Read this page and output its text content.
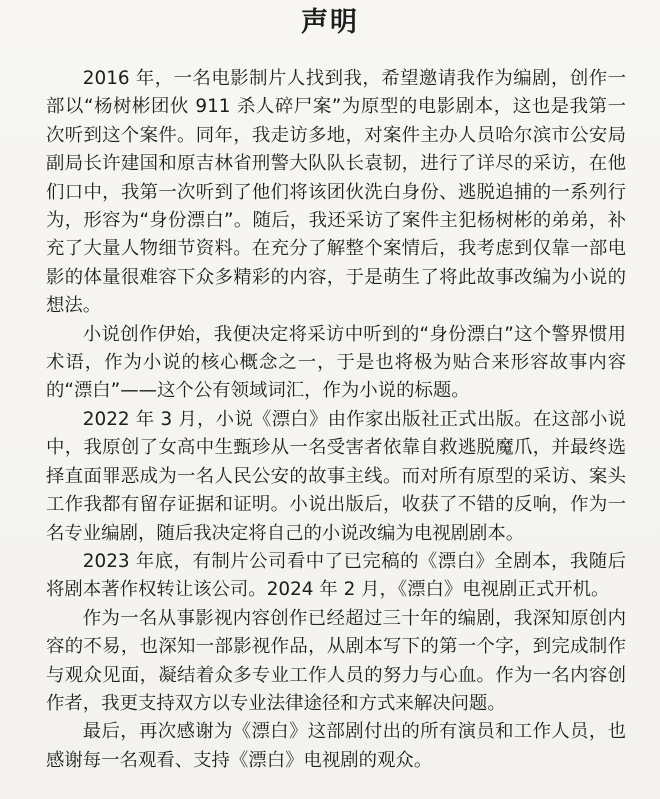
声明

2016 年，一名电影制片人找到我，希望邀请我作为编剧，创作一部以“杨树彬团伙 911 杀人碎尸案”为原型的电影剧本，这也是我第一次听到这个案件。同年，我走访多地，对案件主办人员哈尔滨市公安局副局长许建国和原吉林省刑警大队队长袁韧，进行了详尽的采访，在他们口中，我第一次听到了他们将该团伙洗白身份、逃脱追捕的一系列行为，形容为“身份漂白”。随后，我还采访了案件主犯杨树彬的弟弟，补充了大量人物细节资料。在充分了解整个案情后，我考虑到仅靠一部电影的体量很难容下众多精彩的内容，于是萌生了将此故事改编为小说的想法。

小说创作伊始，我便决定将采访中听到的“身份漂白”这个警界惯用术语，作为小说的核心概念之一，于是也将极为贴合来形容故事内容的“漂白”——这个公有领域词汇，作为小说的标题。

2022 年 3 月，小说《漂白》由作家出版社正式出版。在这部小说中，我原创了女高中生甄珍从一名受害者依靠自救逃脱魔爪，并最终选择直面罪恶成为一名人民公安的故事主线。而对所有原型的采访、案头工作我都有留存证据和证明。小说出版后，收获了不错的反响，作为一名专业编剧，随后我决定将自己的小说改编为电视剧剧本。

2023 年底，有制片公司看中了已完稿的《漂白》全剧本，我随后将剧本著作权转让该公司。2024 年 2 月，《漂白》电视剧正式开机。

作为一名从事影视内容创作已经超过三十年的编剧，我深知原创内容的不易，也深知一部影视作品，从剧本写下的第一个字，到完成制作与观众见面，凝结着众多专业工作人员的努力与心血。作为一名内容创作者，我更支持双方以专业法律途径和方式来解决问题。

最后，再次感谢为《漂白》这部剧付出的所有演员和工作人员，也感谢每一名观看、支持《漂白》电视剧的观众。
